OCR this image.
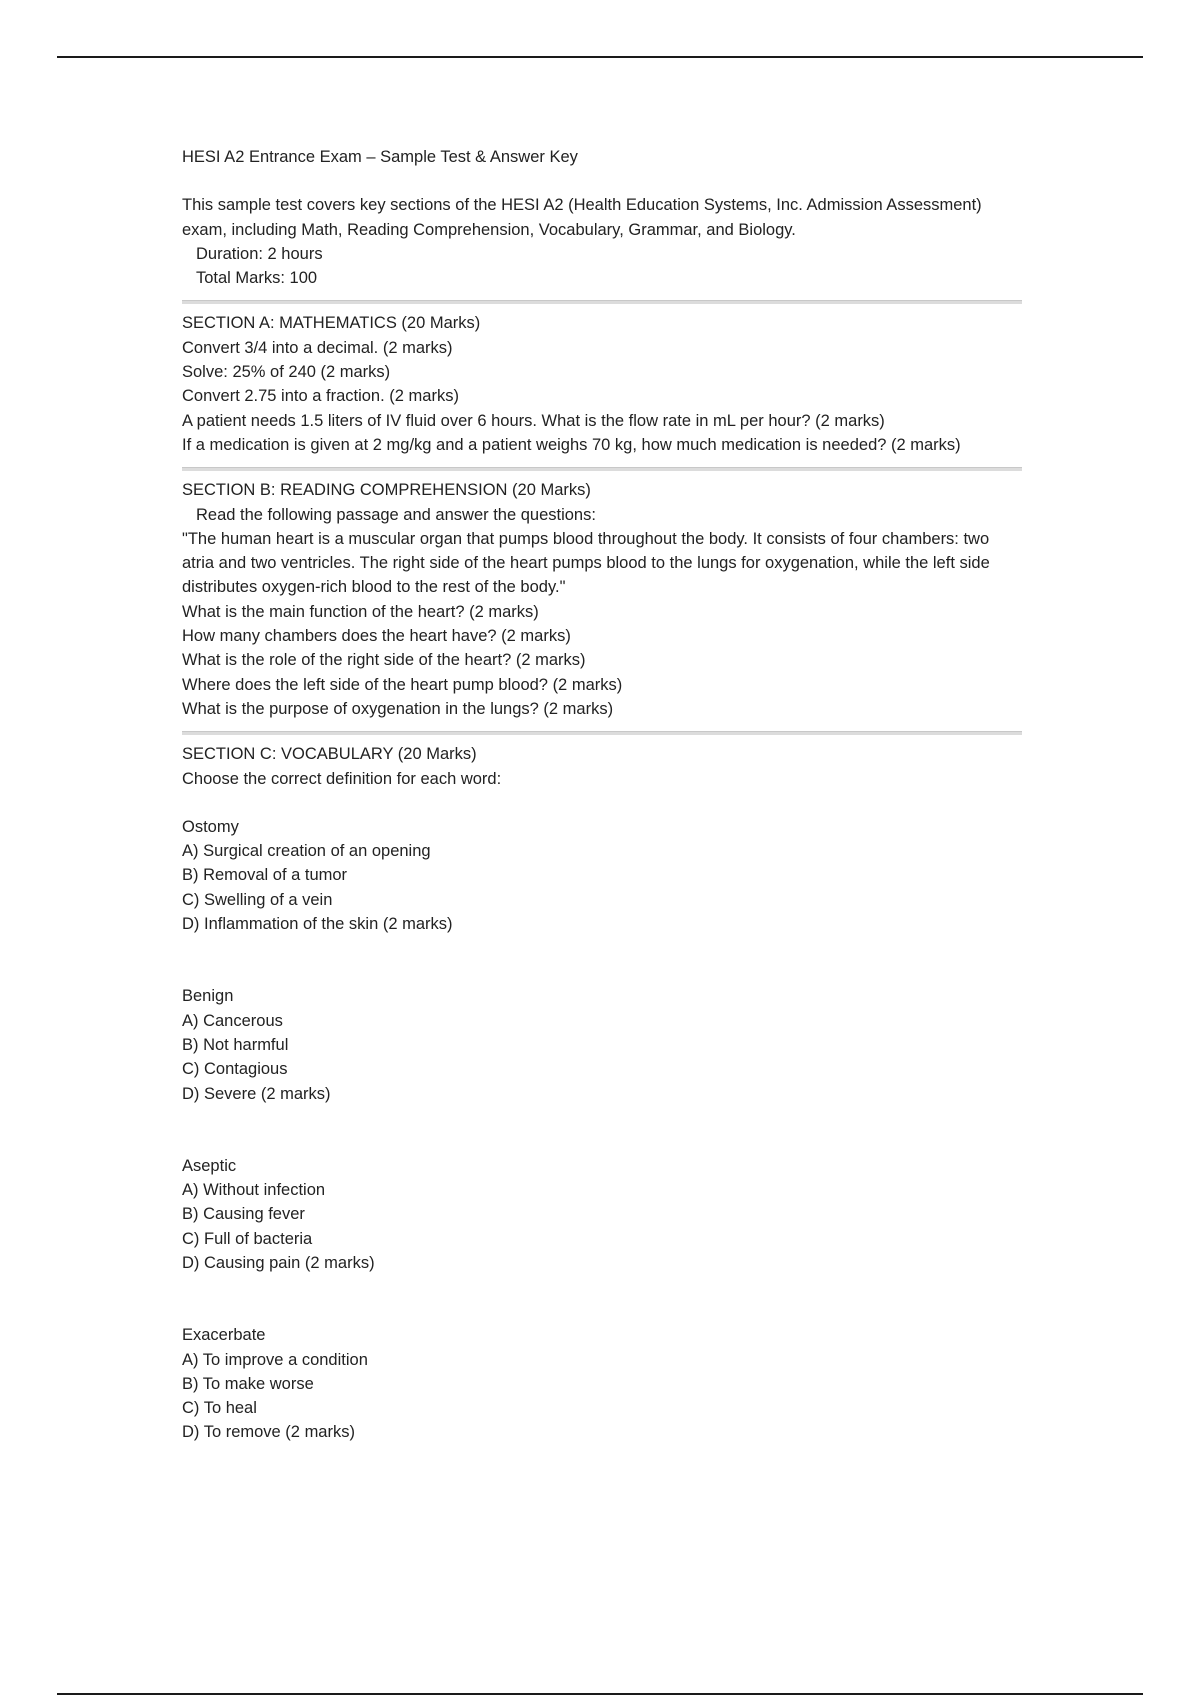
HESI A2 Entrance Exam – Sample Test & Answer Key
This sample test covers key sections of the HESI A2 (Health Education Systems, Inc. Admission Assessment) exam, including Math, Reading Comprehension, Vocabulary, Grammar, and Biology.
Duration: 2 hours
Total Marks: 100
SECTION A: MATHEMATICS (20 Marks)
Convert 3/4 into a decimal. (2 marks)
Solve: 25% of 240 (2 marks)
Convert 2.75 into a fraction. (2 marks)
A patient needs 1.5 liters of IV fluid over 6 hours. What is the flow rate in mL per hour? (2 marks)
If a medication is given at 2 mg/kg and a patient weighs 70 kg, how much medication is needed? (2 marks)
SECTION B: READING COMPREHENSION (20 Marks)
Read the following passage and answer the questions:
"The human heart is a muscular organ that pumps blood throughout the body. It consists of four chambers: two atria and two ventricles. The right side of the heart pumps blood to the lungs for oxygenation, while the left side distributes oxygen-rich blood to the rest of the body."
What is the main function of the heart? (2 marks)
How many chambers does the heart have? (2 marks)
What is the role of the right side of the heart? (2 marks)
Where does the left side of the heart pump blood? (2 marks)
What is the purpose of oxygenation in the lungs? (2 marks)
SECTION C: VOCABULARY (20 Marks)
Choose the correct definition for each word:
Ostomy
A) Surgical creation of an opening
B) Removal of a tumor
C) Swelling of a vein
D) Inflammation of the skin (2 marks)
Benign
A) Cancerous
B) Not harmful
C) Contagious
D) Severe (2 marks)
Aseptic
A) Without infection
B) Causing fever
C) Full of bacteria
D) Causing pain (2 marks)
Exacerbate
A) To improve a condition
B) To make worse
C) To heal
D) To remove (2 marks)
